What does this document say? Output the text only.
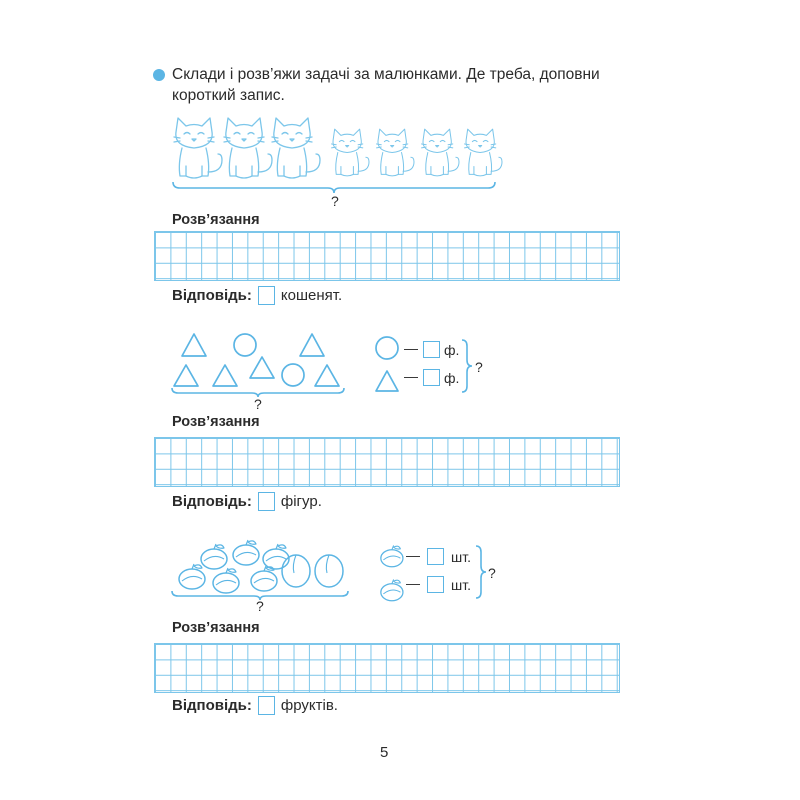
Склади і розв’яжи задачі за малюнками. Де треба, доповни короткий запис.
?
Розв’язання
Відповідь: кошенят.
?
— ф.
— ф.
?
Розв’язання
Відповідь: фігур.
?
— шт.
— шт.
?
Розв’язання
Відповідь: фруктів.
5
